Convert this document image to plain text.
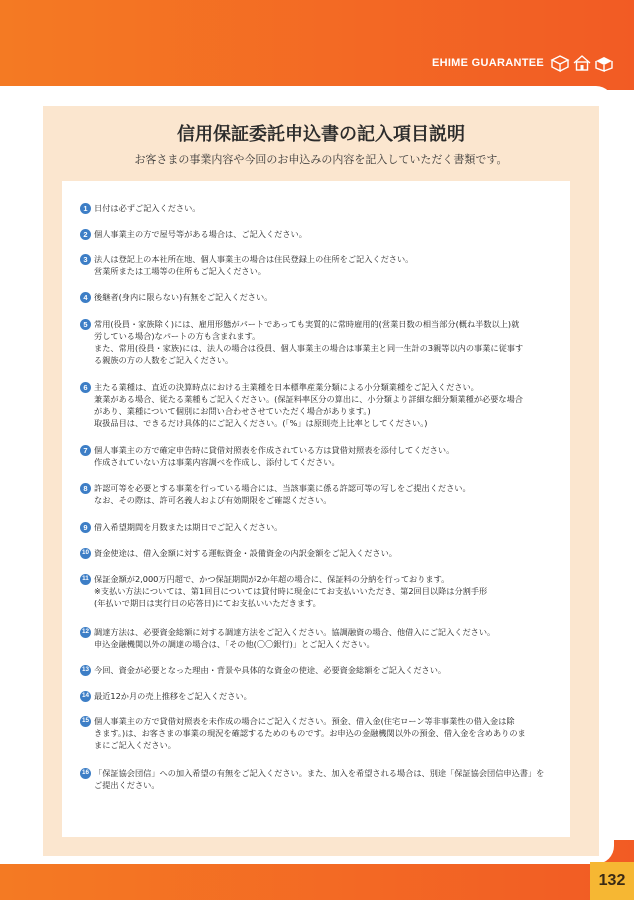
EHIME GUARANTEE
信用保証委託申込書の記入項目説明
お客さまの事業内容や今回のお申込みの内容を記入していただく書類です。
1 日付は必ずご記入ください。
2 個人事業主の方で屋号等がある場合は、ご記入ください。
3 法人は登記上の本社所在地、個人事業主の場合は住民登録上の住所をご記入ください。
営業所または工場等の住所もご記入ください。
4 後継者(身内に限らない)有無をご記入ください。
5 常用(役員・家族除く)には、雇用形態がパートであっても実質的に常時雇用的(営業日数の相当部分(概ね半数以上)就
労している場合)なパートの方も含まれます。
また、常用(役員・家族)には、法人の場合は役員、個人事業主の場合は事業主と同一生計の3親等以内の事業に従事す
る親族の方の人数をご記入ください。
6 主たる業種は、直近の決算時点における主業種を日本標準産業分類による小分類業種をご記入ください。
兼業がある場合、従たる業種もご記入ください。(保証料率区分の算出に、小分類より詳細な細分類業種が必要な場合
があり、業種について個別にお問い合わせさせていただく場合があります。)
取扱品目は、できるだけ具体的にご記入ください。(「%」は原則売上比率としてください。)
7 個人事業主の方で確定申告時に貸借対照表を作成されている方は貸借対照表を添付してください。
作成されていない方は事業内容調べを作成し、添付してください。
8 許認可等を必要とする事業を行っている場合には、当該事業に係る許認可等の写しをご提出ください。
なお、その際は、許可名義人および有効期限をご確認ください。
9 借入希望期間を月数または期日でご記入ください。
10 資金使途は、借入金額に対する運転資金・設備資金の内訳金額をご記入ください。
11 保証金額が2,000万円超で、かつ保証期間が2か年超の場合に、保証料の分納を行っております。
※支払い方法については、第1回目については貸付時に現金にてお支払いいただき、第2回目以降は分割手形
(年払いで期日は実行日の応答日)にてお支払いいただきます。
12 調達方法は、必要資金総額に対する調達方法をご記入ください。協調融資の場合、他借入にご記入ください。
申込金融機関以外の調達の場合は、「その他(〇〇銀行)」とご記入ください。
13 今回、資金が必要となった理由・背景や具体的な資金の使途、必要資金総額をご記入ください。
14 最近12か月の売上推移をご記入ください。
15 個人事業主の方で貸借対照表を未作成の場合にご記入ください。預金、借入金(住宅ローン等非事業性の借入金は除
きます。)は、お客さまの事業の現況を確認するためのものです。お申込の金融機関以外の預金、借入金を含めありのま
まにご記入ください。
16 「保証協会団信」への加入希望の有無をご記入ください。また、加入を希望される場合は、別途「保証協会団信申込書」を
ご提出ください。
132
